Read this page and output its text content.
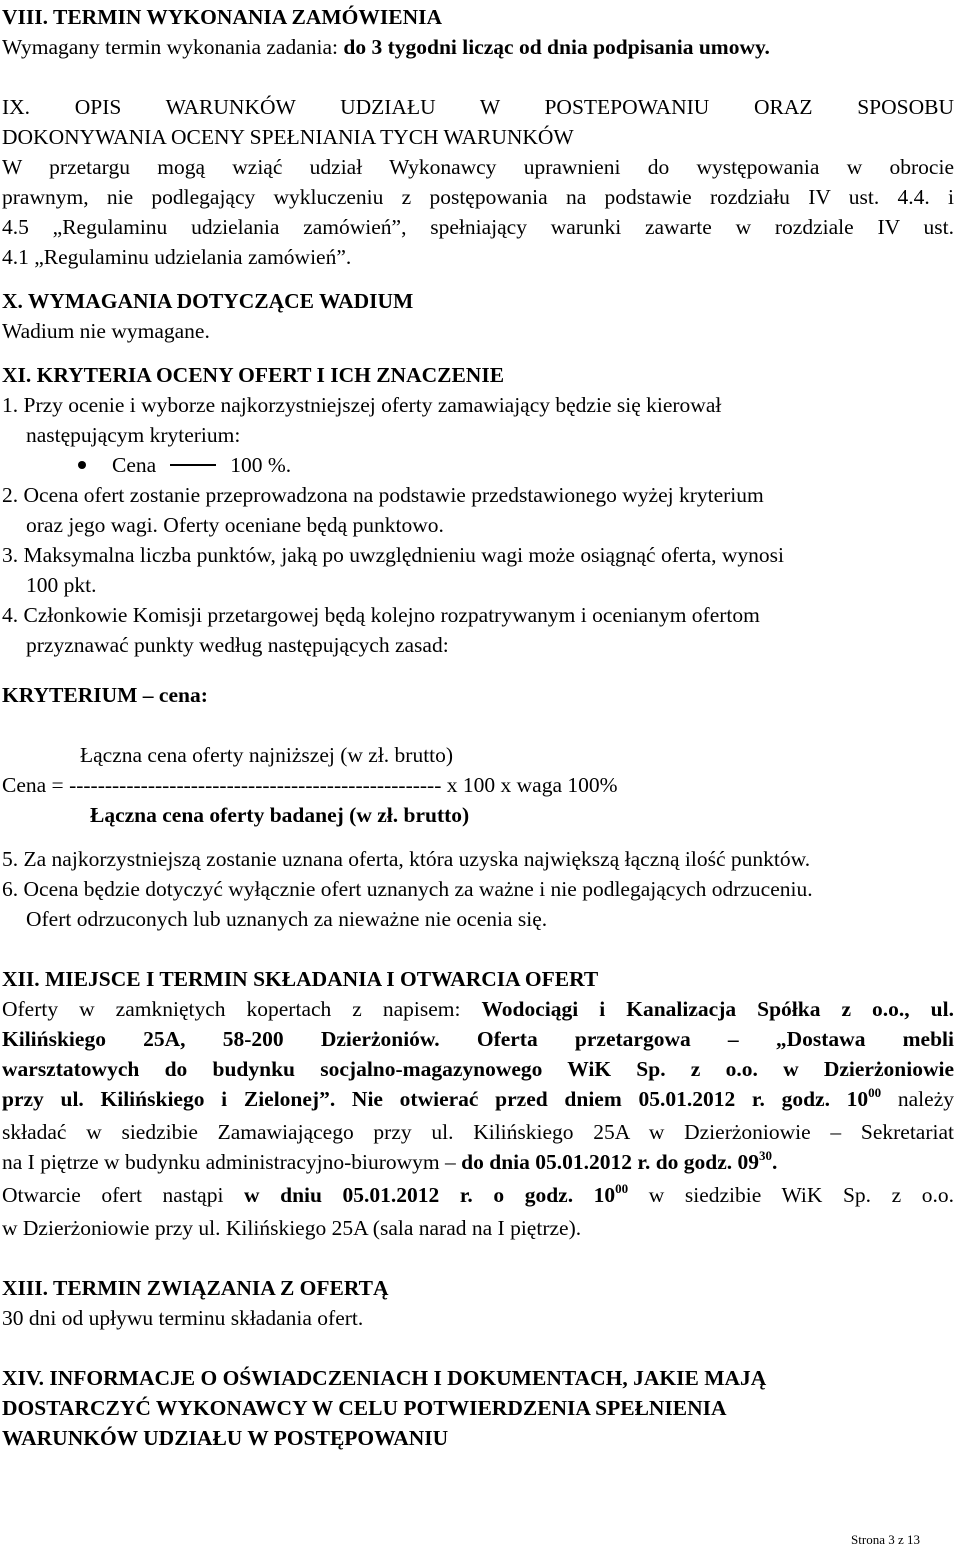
VIII. TERMIN WYKONANIA ZAMÓWIENIA
Wymagany termin wykonania zadania: do 3 tygodni licząc od dnia podpisania umowy.
IX. OPIS WARUNKÓW UDZIAŁU W POSTEPOWANIU ORAZ SPOSOBU
DOKONYWANIA OCENY SPEŁNIANIA TYCH WARUNKÓW
W przetargu mogą wziąć udział Wykonawcy uprawnieni do występowania w obrocie
prawnym, nie podlegający wykluczeniu z postępowania na podstawie rozdziału IV ust. 4.4. i
4.5 „Regulaminu udzielania zamówień”, spełniający warunki zawarte w rozdziale IV ust.
4.1 „Regulaminu udzielania zamówień”.
X. WYMAGANIA DOTYCZĄCE WADIUM
Wadium nie wymagane.
XI. KRYTERIA OCENY OFERT I ICH ZNACZENIE
1. Przy ocenie i wyborze najkorzystniejszej oferty zamawiający będzie się kierował
następującym kryterium:
Cena	100 %.
2. Ocena ofert zostanie przeprowadzona na podstawie przedstawionego wyżej kryterium
oraz jego wagi. Oferty oceniane będą punktowo.
3. Maksymalna liczba punktów, jaką po uwzględnieniu wagi może osiągnąć oferta, wynosi
100 pkt.
4. Członkowie Komisji przetargowej będą kolejno rozpatrywanym i ocenianym ofertom
przyznawać punkty według następujących zasad:
KRYTERIUM – cena:
Łączna cena oferty najniższej (w zł. brutto)
Cena = ---------------------------------------------------- x 100 x waga 100%
Łączna cena oferty badanej (w zł. brutto)
5. Za najkorzystniejszą zostanie uznana oferta, która uzyska największą łączną ilość punktów.
6. Ocena będzie dotyczyć wyłącznie ofert uznanych za ważne i nie podlegających odrzuceniu.
Ofert odrzuconych lub uznanych za nieważne nie ocenia się.
XII. MIEJSCE I TERMIN SKŁADANIA I OTWARCIA OFERT
Oferty w zamkniętych kopertach z napisem: Wodociągi i Kanalizacja Spółka z o.o., ul.
Kilińskiego 25A, 58-200 Dzierżoniów. Oferta przetargowa – „Dostawa mebli
warsztatowych do budynku socjalno-magazynowego WiK Sp. z o.o. w Dzierżoniowie
przy ul. Kilińskiego i Zielonej”. Nie otwierać przed dniem 05.01.2012 r. godz. $10^{00}$ należy
składać w siedzibie Zamawiającego przy ul. Kilińskiego 25A w Dzierżoniowie – Sekretariat
na I piętrze w budynku administracyjno-biurowym – do dnia 05.01.2012 r. do godz. $09^{30}$.
Otwarcie ofert nastąpi w dniu 05.01.2012 r. o godz. $10^{00}$ w siedzibie WiK Sp. z o.o.
w Dzierżoniowie przy ul. Kilińskiego 25A (sala narad na I piętrze).
XIII. TERMIN ZWIĄZANIA Z OFERTĄ
30 dni od upływu terminu składania ofert.
XIV. INFORMACJE O OŚWIADCZENIACH I DOKUMENTACH, JAKIE MAJĄ
DOSTARCZYĆ WYKONAWCY W CELU POTWIERDZENIA SPEŁNIENIA
WARUNKÓW UDZIAŁU W POSTĘPOWANIU
Strona 3 z 13
